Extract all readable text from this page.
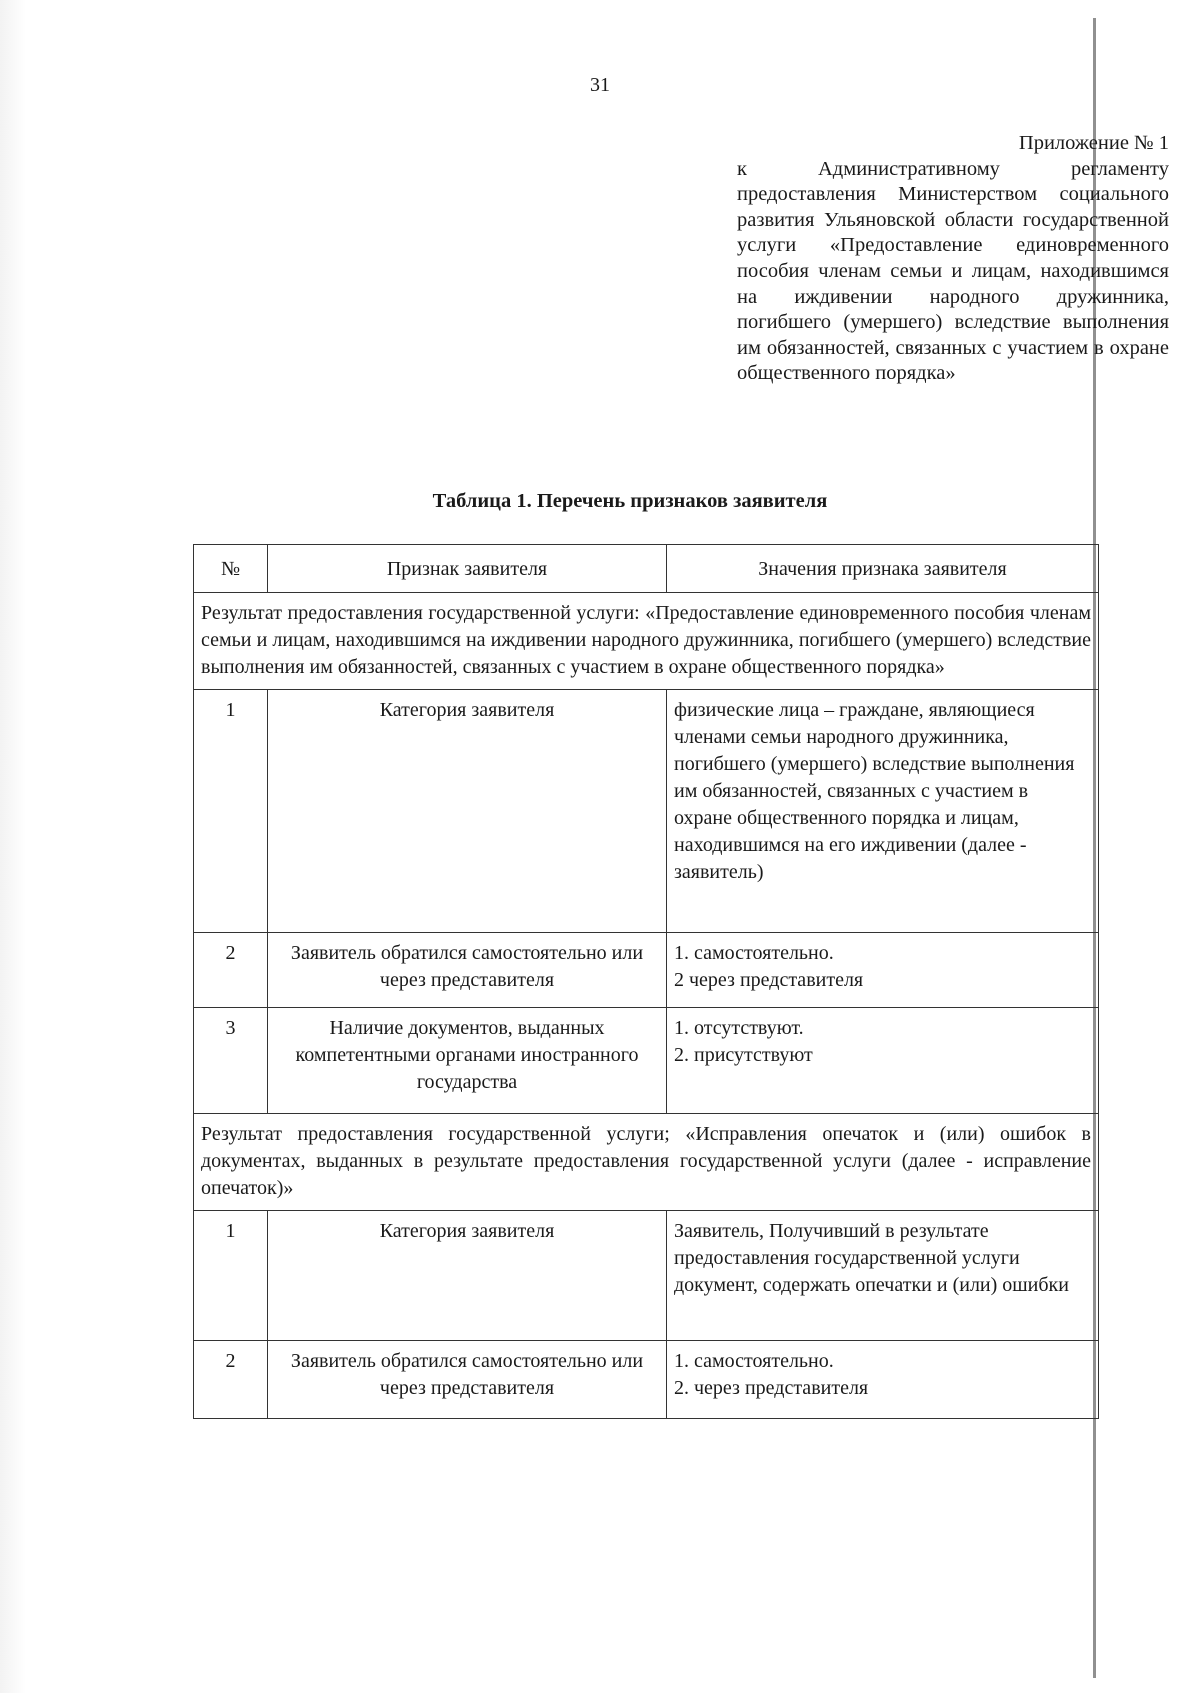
31
Приложение № 1
к Административному регламенту предоставления Министерством социального развития Ульяновской области государственной услуги «Предоставление единовременного пособия членам семьи и лицам, находившимся на иждивении народного дружинника, погибшего (умершего) вследствие выполнения им обязанностей, связанных с участием в охране общественного порядка»
Таблица 1. Перечень признаков заявителя
№	Признак заявителя	Значения признака заявителя
Результат предоставления государственной услуги: «Предоставление единовременного пособия членам семьи и лицам, находившимся на иждивении народного дружинника, погибшего (умершего) вследствие выполнения им обязанностей, связанных с участием в охране общественного порядка»		
1	Категория заявителя	физические лица – граждане, являющиеся членами семьи народного дружинника, погибшего (умершего) вследствие выполнения им обязанностей, связанных с участием в охране общественного порядка и лицам, находившимся на его иждивении (далее - заявитель)
2	Заявитель обратился самостоятельно или через представителя	1. самостоятельно.
2 через представителя
3	Наличие документов, выданных компетентными органами иностранного государства	1. отсутствуют.
2. присутствуют
Результат предоставления государственной услуги; «Исправления опечаток и (или) ошибок в документах, выданных в результате предоставления государственной услуги (далее - исправление опечаток)»		
1	Категория заявителя	Заявитель, Получивший в результате предоставления государственной услуги документ, содержать опечатки и (или) ошибки
2	Заявитель обратился самостоятельно или через представителя	1. самостоятельно.
2. через представителя
